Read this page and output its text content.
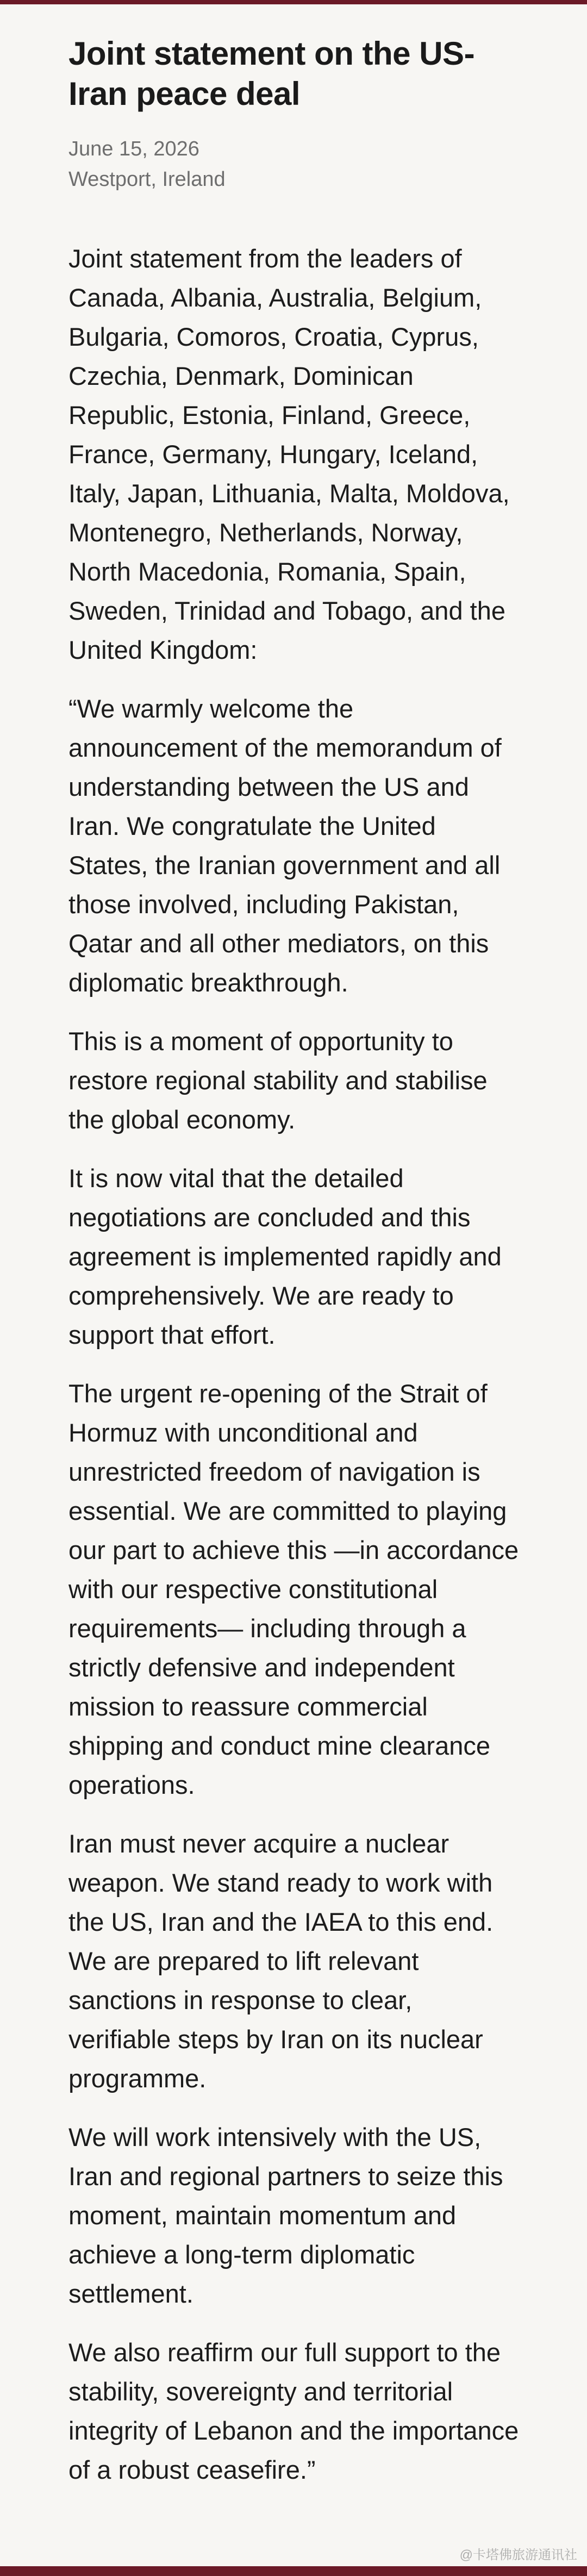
Joint statement on the US-Iran peace deal
June 15, 2026
Westport, Ireland

Joint statement from the leaders of Canada, Albania, Australia, Belgium, Bulgaria, Comoros, Croatia, Cyprus, Czechia, Denmark, Dominican Republic, Estonia, Finland, Greece, France, Germany, Hungary, Iceland, Italy, Japan, Lithuania, Malta, Moldova, Montenegro, Netherlands, Norway, North Macedonia, Romania, Spain, Sweden, Trinidad and Tobago, and the United Kingdom:

“We warmly welcome the announcement of the memorandum of understanding between the US and Iran. We congratulate the United States, the Iranian government and all those involved, including Pakistan, Qatar and all other mediators, on this diplomatic breakthrough.

This is a moment of opportunity to restore regional stability and stabilise the global economy.

It is now vital that the detailed negotiations are concluded and this agreement is implemented rapidly and comprehensively. We are ready to support that effort.

The urgent re-opening of the Strait of Hormuz with unconditional and unrestricted freedom of navigation is essential. We are committed to playing our part to achieve this —in accordance with our respective constitutional requirements— including through a strictly defensive and independent mission to reassure commercial shipping and conduct mine clearance operations.

Iran must never acquire a nuclear weapon. We stand ready to work with the US, Iran and the IAEA to this end. We are prepared to lift relevant sanctions in response to clear, verifiable steps by Iran on its nuclear programme.

We will work intensively with the US, Iran and regional partners to seize this moment, maintain momentum and achieve a long-term diplomatic settlement.

We also reaffirm our full support to the stability, sovereignty and territorial integrity of Lebanon and the importance of a robust ceasefire.”

@卡塔佛旅游通讯社
